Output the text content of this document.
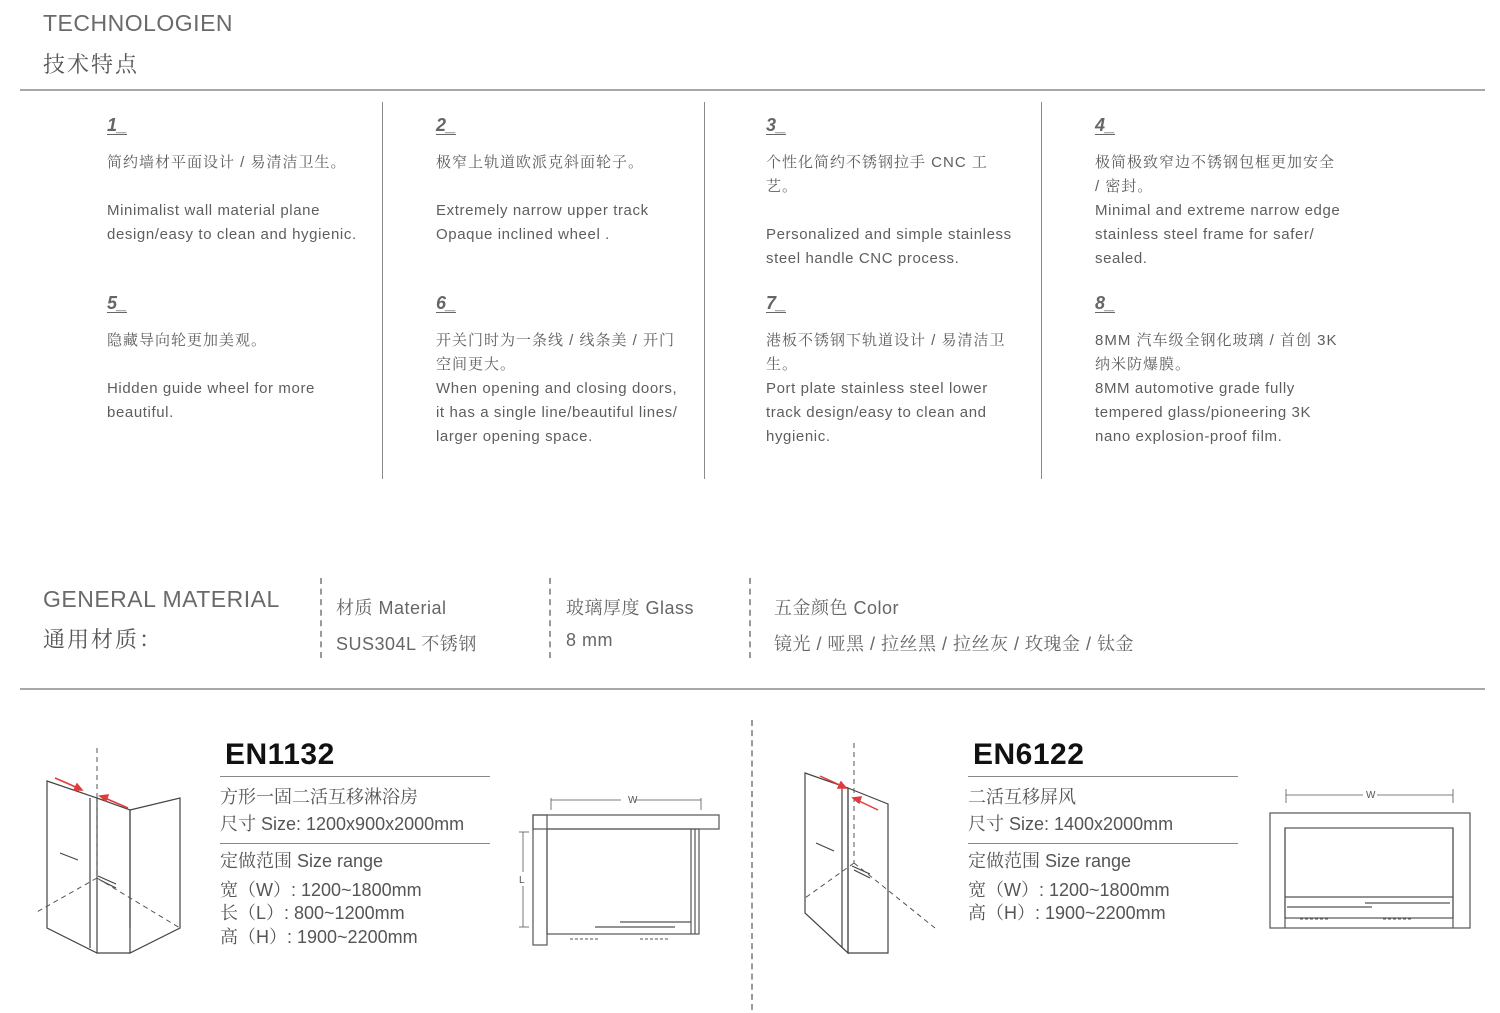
TECHNOLOGIEN
技术特点
1_
简约墙材平面设计 / 易清洁卫生。
Minimalist wall material plane design/easy to clean and hygienic.
2_
极窄上轨道欧派克斜面轮子。
Extremely narrow upper track Opaque inclined wheel .
3_
个性化简约不锈钢拉手 CNC 工艺。
Personalized and simple stainless steel handle CNC process.
4_
极简极致窄边不锈钢包框更加安全 / 密封。
Minimal and extreme narrow edge stainless steel frame for safer/ sealed.
5_
隐藏导向轮更加美观。
Hidden guide wheel for more beautiful.
6_
开关门时为一条线 / 线条美 / 开门空间更大。
When opening and closing doors, it has a single line/beautiful lines/ larger opening space.
7_
港板不锈钢下轨道设计 / 易清洁卫生。
Port plate stainless steel lower track design/easy to clean and hygienic.
8_
8MM 汽车级全钢化玻璃 / 首创 3K 纳米防爆膜。
8MM automotive grade fully tempered glass/pioneering 3K nano explosion-proof film.
GENERAL MATERIAL
通用材质：
材质 Material
SUS304L 不锈钢
玻璃厚度 Glass
8 mm
五金颜色 Color
镜光 / 哑黑 / 拉丝黑 / 拉丝灰 / 玫瑰金 / 钛金
EN1132
方形一固二活互移淋浴房
尺寸 Size: 1200x900x2000mm
定做范围 Size range
宽（W）: 1200~1800mm
长（L）: 800~1200mm
高（H）: 1900~2200mm
W
L
EN6122
二活互移屏风
尺寸 Size: 1400x2000mm
定做范围 Size range
宽（W）: 1200~1800mm
高（H）: 1900~2200mm
W
